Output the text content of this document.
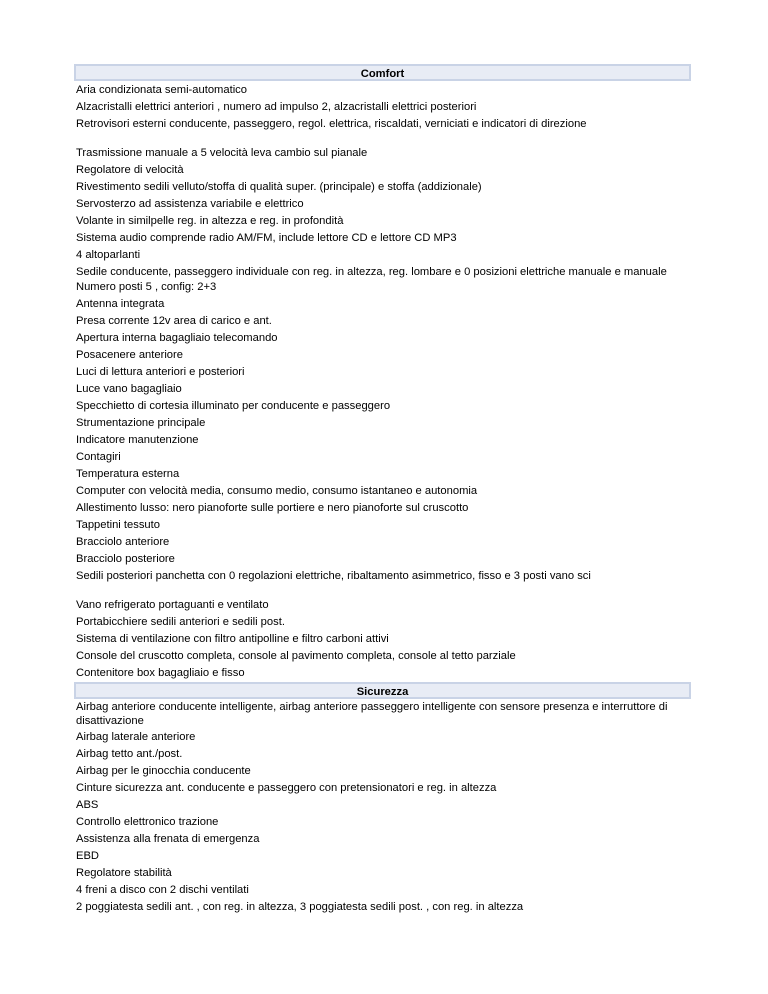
Comfort
Aria condizionata semi-automatico
Alzacristalli elettrici anteriori , numero ad impulso 2, alzacristalli elettrici posteriori
Retrovisori esterni conducente, passeggero, regol. elettrica, riscaldati, verniciati e indicatori di direzione
Trasmissione manuale a 5 velocità leva cambio sul pianale
Regolatore di velocità
Rivestimento sedili velluto/stoffa di qualità super. (principale) e stoffa (addizionale)
Servosterzo ad assistenza variabile e elettrico
Volante in similpelle reg. in altezza e reg. in profondità
Sistema audio comprende radio AM/FM, include lettore CD e lettore CD MP3
4 altoparlanti
Sedile conducente, passeggero individuale con reg. in altezza, reg. lombare e 0 posizioni elettriche manuale e manuale
Numero posti 5 , config: 2+3
Antenna integrata
Presa corrente 12v area di carico e ant.
Apertura interna bagagliaio telecomando
Posacenere anteriore
Luci di lettura anteriori e posteriori
Luce vano bagagliaio
Specchietto di cortesia illuminato per conducente e passeggero
Strumentazione principale
Indicatore manutenzione
Contagiri
Temperatura esterna
Computer con velocità media, consumo medio, consumo istantaneo e autonomia
Allestimento lusso: nero pianoforte sulle portiere e nero pianoforte sul cruscotto
Tappetini tessuto
Bracciolo anteriore
Bracciolo posteriore
Sedili posteriori panchetta con 0 regolazioni elettriche, ribaltamento asimmetrico, fisso e 3 posti vano sci
Vano refrigerato portaguanti e ventilato
Portabicchiere sedili anteriori e sedili post.
Sistema di ventilazione con filtro antipolline e filtro carboni attivi
Console del cruscotto completa, console al pavimento completa, console al tetto parziale
Contenitore box bagagliaio e fisso
Sicurezza
Airbag anteriore conducente intelligente, airbag anteriore passeggero intelligente con sensore presenza e interruttore di disattivazione
Airbag laterale anteriore
Airbag tetto ant./post.
Airbag per le ginocchia conducente
Cinture sicurezza ant. conducente e passeggero con pretensionatori e reg. in altezza
ABS
Controllo elettronico trazione
Assistenza alla frenata di emergenza
EBD
Regolatore stabilità
4 freni a disco con 2 dischi ventilati
2 poggiatesta sedili ant. , con reg. in altezza, 3 poggiatesta sedili post. , con reg. in altezza
